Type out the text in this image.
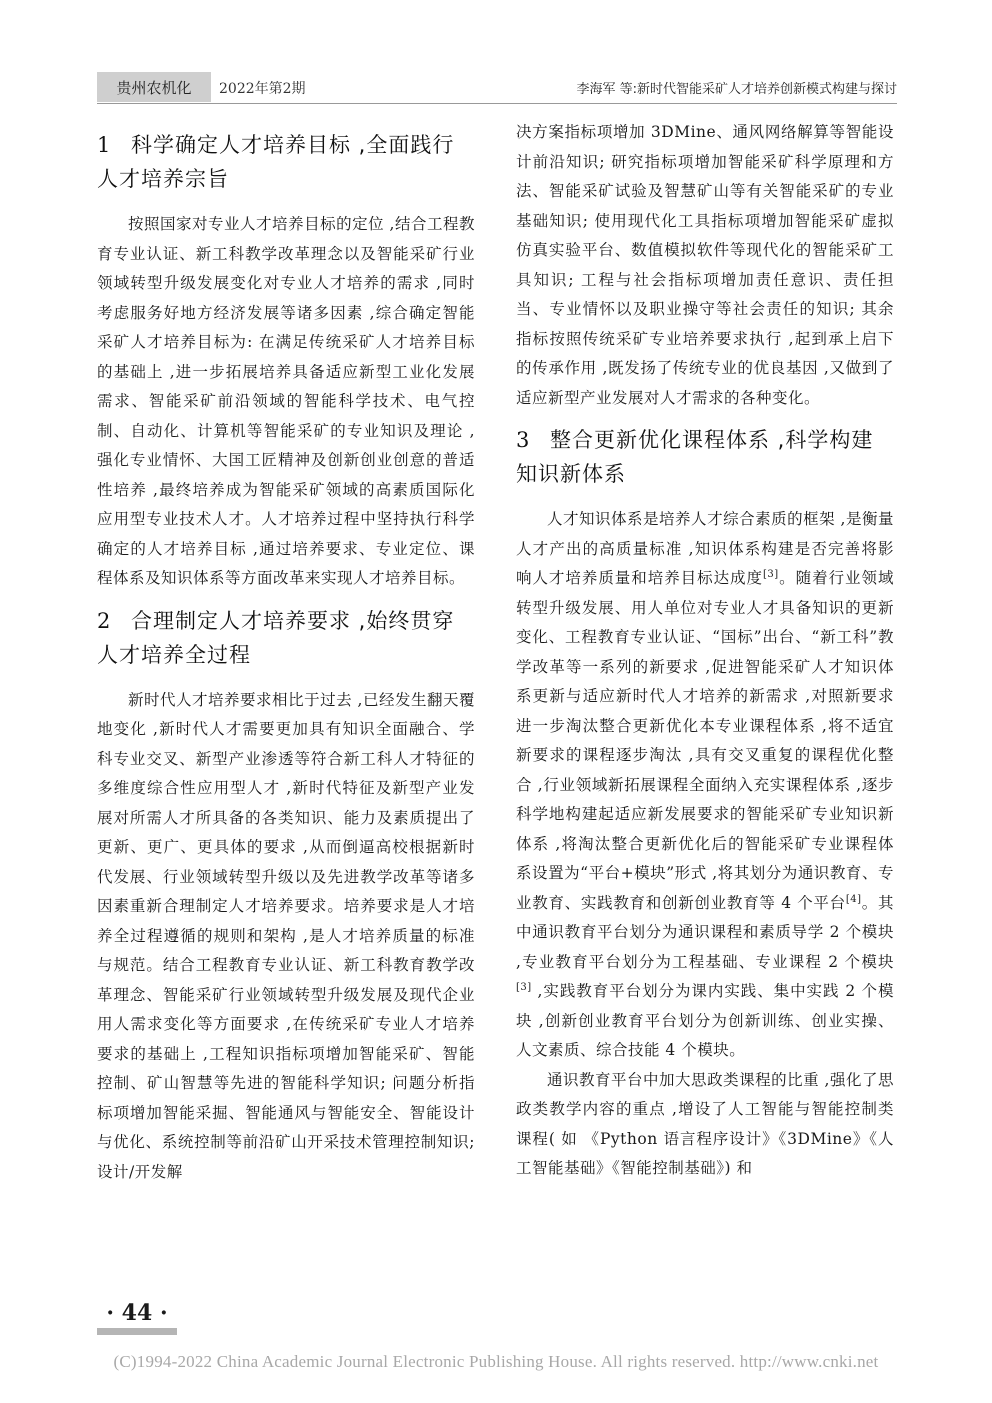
贵州农机化	2022年第2期	李海军 等:新时代智能采矿人才培养创新模式构建与探讨
1 科学确定人才培养目标 ,全面践行人才培养宗旨

按照国家对专业人才培养目标的定位 ,结合工程教育专业认证、新工科教学改革理念以及智能采矿行业领域转型升级发展变化对专业人才培养的需求 ,同时考虑服务好地方经济发展等诸多因素 ,综合确定智能采矿人才培养目标为: 在满足传统采矿人才培养目标的基础上 ,进一步拓展培养具备适应新型工业化发展需求、智能采矿前沿领域的智能科学技术、电气控制、自动化、计算机等智能采矿的专业知识及理论 ,强化专业情怀、大国工匠精神及创新创业创意的普适性培养 ,最终培养成为智能采矿领域的高素质国际化应用型专业技术人才。人才培养过程中坚持执行科学确定的人才培养目标 ,通过培养要求、专业定位、课程体系及知识体系等方面改革来实现人才培养目标。

2 合理制定人才培养要求 ,始终贯穿人才培养全过程

新时代人才培养要求相比于过去 ,已经发生翻天覆地变化 ,新时代人才需要更加具有知识全面融合、学科专业交叉、新型产业渗透等符合新工科人才特征的多维度综合性应用型人才 ,新时代特征及新型产业发展对所需人才所具备的各类知识、能力及素质提出了更新、更广、更具体的要求 ,从而倒逼高校根据新时代发展、行业领域转型升级以及先进教学改革等诸多因素重新合理制定人才培养要求。培养要求是人才培养全过程遵循的规则和架构 ,是人才培养质量的标准与规范。结合工程教育专业认证、新工科教育教学改革理念、智能采矿行业领域转型升级发展及现代企业用人需求变化等方面要求 ,在传统采矿专业人才培养要求的基础上 ,工程知识指标项增加智能采矿、智能控制、矿山智慧等先进的智能科学知识; 问题分析指标项增加智能采掘、智能通风与智能安全、智能设计与优化、系统控制等前沿矿山开采技术管理控制知识; 设计/开发解

决方案指标项增加 3DMine、通风网络解算等智能设计前沿知识; 研究指标项增加智能采矿科学原理和方法、智能采矿试验及智慧矿山等有关智能采矿的专业基础知识; 使用现代化工具指标项增加智能采矿虚拟仿真实验平台、数值模拟软件等现代化的智能采矿工具知识; 工程与社会指标项增加责任意识、责任担当、专业情怀以及职业操守等社会责任的知识; 其余指标按照传统采矿专业培养要求执行 ,起到承上启下的传承作用 ,既发扬了传统专业的优良基因 ,又做到了适应新型产业发展对人才需求的各种变化。

3 整合更新优化课程体系 ,科学构建知识新体系

人才知识体系是培养人才综合素质的框架 ,是衡量人才产出的高质量标准 ,知识体系构建是否完善将影响人才培养质量和培养目标达成度[3]。随着行业领域转型升级发展、用人单位对专业人才具备知识的更新变化、工程教育专业认证、“国标”出台、“新工科”教学改革等一系列的新要求 ,促进智能采矿人才知识体系更新与适应新时代人才培养的新需求 ,对照新要求进一步淘汰整合更新优化本专业课程体系 ,将不适宜新要求的课程逐步淘汰 ,具有交叉重复的课程优化整合 ,行业领域新拓展课程全面纳入充实课程体系 ,逐步科学地构建起适应新发展要求的智能采矿专业知识新体系 ,将淘汰整合更新优化后的智能采矿专业课程体系设置为“平台+模块”形式 ,将其划分为通识教育、专业教育、实践教育和创新创业教育等 4 个平台[4]。其中通识教育平台划分为通识课程和素质导学 2 个模块 ,专业教育平台划分为工程基础、专业课程 2 个模块[3] ,实践教育平台划分为课内实践、集中实践 2 个模块 ,创新创业教育平台划分为创新训练、创业实操、人文素质、综合技能 4 个模块。

通识教育平台中加大思政类课程的比重 ,强化了思政类教学内容的重点 ,增设了人工智能与智能控制类课程( 如 《Python 语言程序设计》《3DMine》《人工智能基础》《智能控制基础》) 和

· 44 ·
(C)1994-2022 China Academic Journal Electronic Publishing House. All rights reserved. http://www.cnki.net
